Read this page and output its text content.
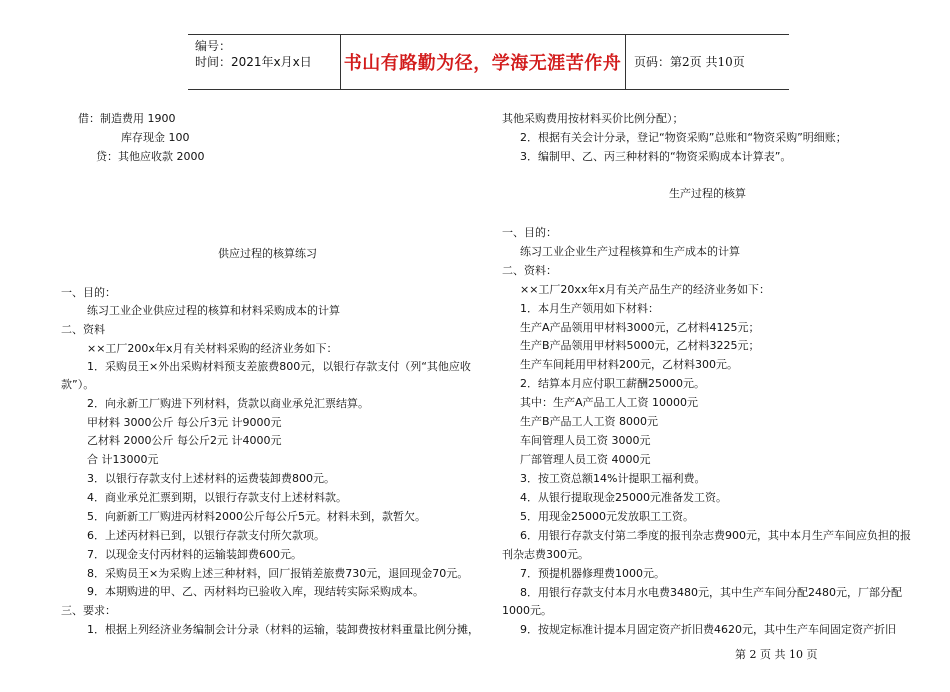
编号：
时间：2021年x月x日 书山有路勤为径，学海无涯苦作舟	页码：第2页 共10页
借：制造费用 1900
库存现金 100
贷：其他应收款 2000
供应过程的核算练习
一、目的：
练习工业企业供应过程的核算和材料采购成本的计算
二、资料
××工厂200x年x月有关材料采购的经济业务如下：
1．采购员王×外出采购材料预支差旅费800元，以银行存款支付（列“其他应收
款”）。
2．向永新工厂购进下列材料，货款以商业承兑汇票结算。
甲材料 3000公斤 每公斤3元 计9000元
乙材料 2000公斤 每公斤2元 计4000元
合 计13000元
3．以银行存款支付上述材料的运费装卸费800元。
4．商业承兑汇票到期，以银行存款支付上述材料款。
5．向新新工厂购进丙材料2000公斤每公斤5元。材料未到，款暂欠。
6．上述丙材料已到，以银行存款支付所欠款项。
7．以现金支付丙材料的运输装卸费600元。
8．采购员王×为采购上述三种材料，回厂报销差旅费730元，退回现金70元。
9．本期购进的甲、乙、丙材料均已验收入库，现结转实际采购成本。
三、要求：
1．根据上列经济业务编制会计分录（材料的运输，装卸费按材料重量比例分摊，
其他采购费用按材料买价比例分配）；
2．根据有关会计分录，登记“物资采购”总账和“物资采购”明细账；
3．编制甲、乙、丙三种材料的“物资采购成本计算表”。
生产过程的核算
一、目的：
练习工业企业生产过程核算和生产成本的计算
二、资料：
××工厂20xx年x月有关产品生产的经济业务如下：
1．本月生产领用如下材料：
生产A产品领用甲材料3000元，乙材料4125元；
生产B产品领用甲材料5000元，乙材料3225元；
生产车间耗用甲材料200元，乙材料300元。
2．结算本月应付职工薪酬25000元。
其中：生产A产品工人工资 10000元
生产B产品工人工资 8000元
车间管理人员工资 3000元
厂部管理人员工资 4000元
3．按工资总额14%计提职工福利费。
4．从银行提取现金25000元准备发工资。
5．用现金25000元发放职工工资。
6．用银行存款支付第二季度的报刊杂志费900元，其中本月生产车间应负担的报
刊杂志费300元。
7．预提机器修理费1000元。
8．用银行存款支付本月水电费3480元，其中生产车间分配2480元，厂部分配
1000元。
9．按规定标准计提本月固定资产折旧费4620元，其中生产车间固定资产折旧
第 2 页 共 10 页
